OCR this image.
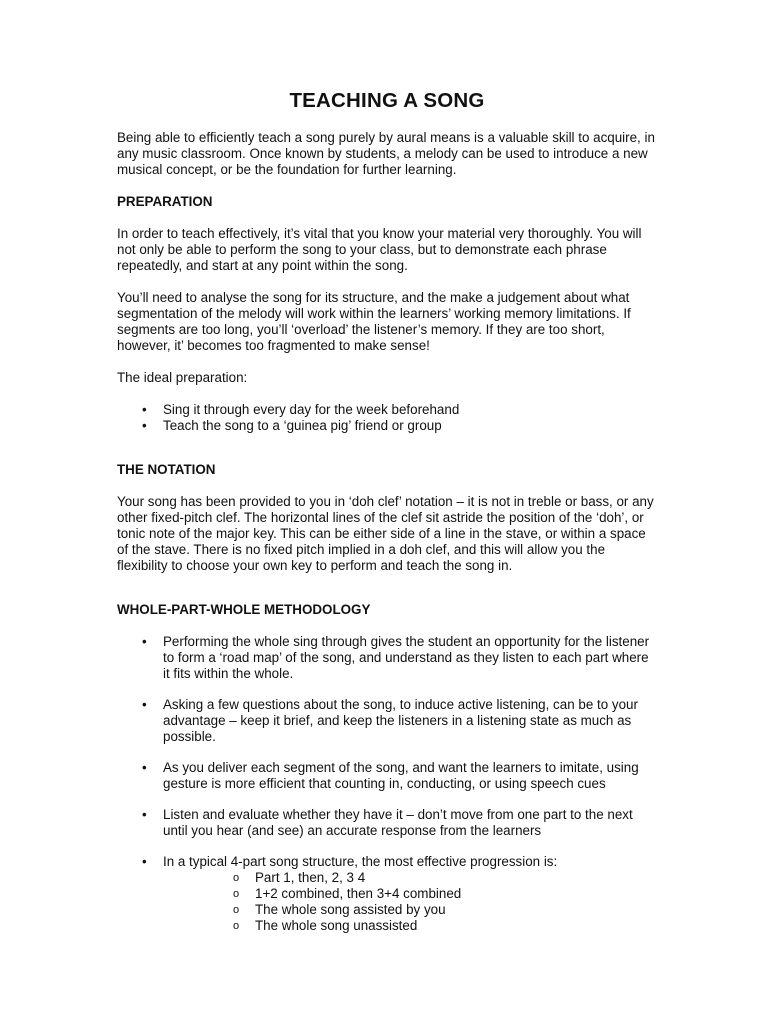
TEACHING A SONG

Being able to efficiently teach a song purely by aural means is a valuable skill to acquire, in any music classroom. Once known by students, a melody can be used to introduce a new musical concept, or be the foundation for further learning.

PREPARATION

In order to teach effectively, it’s vital that you know your material very thoroughly. You will not only be able to perform the song to your class, but to demonstrate each phrase repeatedly, and start at any point within the song.

You’ll need to analyse the song for its structure, and the make a judgement about what segmentation of the melody will work within the learners’ working memory limitations. If segments are too long, you’ll ‘overload’ the listener’s memory. If they are too short, however, it’ becomes too fragmented to make sense!

The ideal preparation:

• Sing it through every day for the week beforehand
• Teach the song to a ‘guinea pig’ friend or group
THE NOTATION

Your song has been provided to you in ‘doh clef’ notation – it is not in treble or bass, or any other fixed-pitch clef. The horizontal lines of the clef sit astride the position of the ‘doh’, or tonic note of the major key. This can be either side of a line in the stave, or within a space of the stave. There is no fixed pitch implied in a doh clef, and this will allow you the flexibility to choose your own key to perform and teach the song in.

WHOLE-PART-WHOLE METHODOLOGY
• Performing the whole sing through gives the student an opportunity for the listener to form a ‘road map’ of the song, and understand as they listen to each part where it fits within the whole.
• Asking a few questions about the song, to induce active listening, can be to your advantage – keep it brief, and keep the listeners in a listening state as much as possible.
• As you deliver each segment of the song, and want the learners to imitate, using gesture is more efficient that counting in, conducting, or using speech cues
• Listen and evaluate whether they have it – don’t move from one part to the next until you hear (and see) an accurate response from the learners
• In a typical 4-part song structure, the most effective progression is:
o Part 1, then, 2, 3 4
o 1+2 combined, then 3+4 combined
o The whole song assisted by you
o The whole song unassisted
